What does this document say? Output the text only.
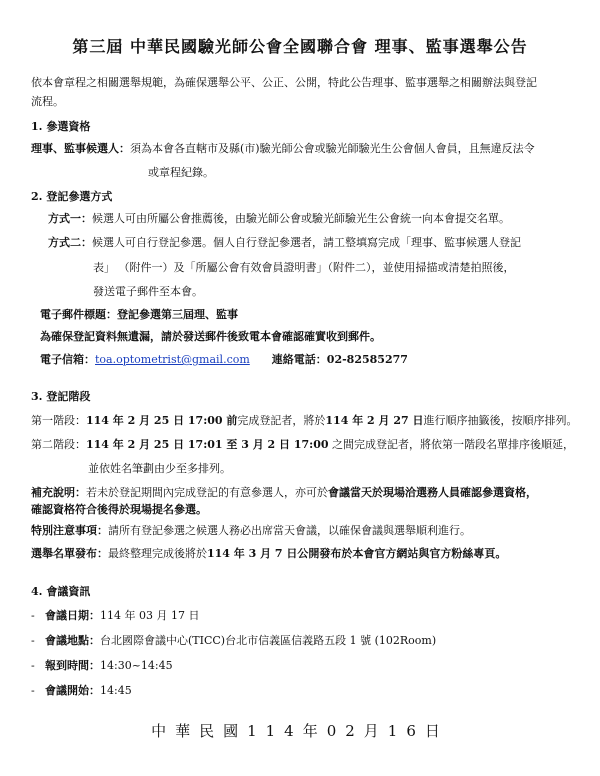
第三屆 中華民國驗光師公會全國聯合會 理事、監事選舉公告
依本會章程之相關選舉規範，為確保選舉公平、公正、公開，特此公告理事、監事選舉之相關辦法與登記
流程。
1. 參選資格
理事、監事候選人：須為本會各直轄市及縣(市)驗光師公會或驗光師驗光生公會個人會員，且無違反法令
或章程紀錄。
2. 登記參選方式
方式一：候選人可由所屬公會推薦後，由驗光師公會或驗光師驗光生公會統一向本會提交名單。
方式二：候選人可自行登記參選。個人自行登記參選者，請工整填寫完成「理事、監事候選人登記
表」 （附件一）及「所屬公會有效會員證明書」（附件二），並使用掃描或清楚拍照後，
發送電子郵件至本會。
電子郵件標題：登記參選第三屆理、監事
為確保登記資料無遺漏，請於發送郵件後致電本會確認確實收到郵件。
電子信箱：toa.optometrist@gmail.com 連絡電話：02-82585277
3. 登記階段
第一階段：114 年 2 月 25 日 17:00 前完成登記者，將於114 年 2 月 27 日進行順序抽籤後，按順序排列。
第二階段：114 年 2 月 25 日 17:01 至 3 月 2 日 17:00 之間完成登記者，將依第一階段名單排序後順延，
並依姓名筆劃由少至多排列。
補充說明：若未於登記期間內完成登記的有意參選人，亦可於會議當天於現場洽選務人員確認參選資格，
確認資格符合後得於現場提名參選。
特別注意事項：請所有登記參選之候選人務必出席當天會議，以確保會議與選舉順利進行。
選舉名單發布：最終整理完成後將於114 年 3 月 7 日公開發布於本會官方網站與官方粉絲專頁。
4. 會議資訊
- 會議日期：114 年 03 月 17 日
- 會議地點：台北國際會議中心(TICC)台北市信義區信義路五段 1 號 (102Room)
- 報到時間：14:30~14:45
- 會議開始：14:45
中華民國114年02月16日
